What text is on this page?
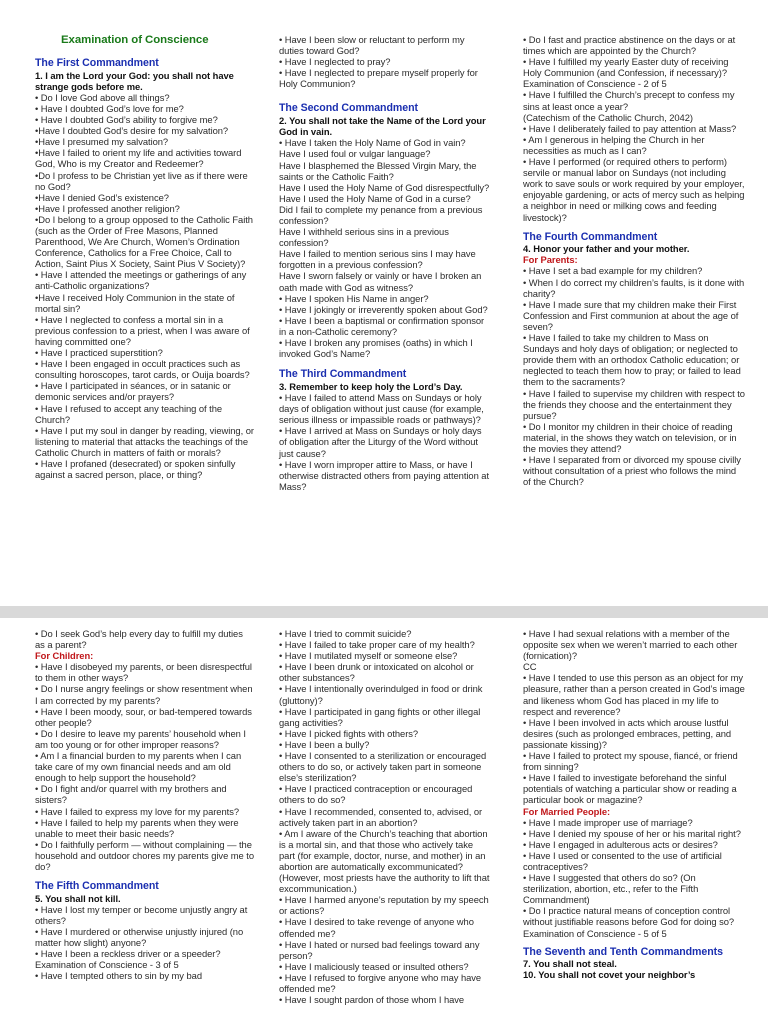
Examination of Conscience
The First Commandment
1. I am the Lord your God: you shall not have strange gods before me.
• Do I love God above all things?
• Have I doubted God’s love for me?
• Have I doubted God’s ability to forgive me?
•Have I doubted God’s desire for my salvation?
•Have I presumed my salvation?
•Have I failed to orient my life and activities toward God, Who is my Creator and Redeemer?
•Do I profess to be Christian yet live as if there were no God?
•Have I denied God’s existence?
•Have I professed another religion?
•Do I belong to a group opposed to the Catholic Faith (such as the Order of Free Masons, Planned Parenthood, We Are Church, Women’s Ordination Conference, Catholics for a Free Choice, Call to Action, Saint Pius X Society, Saint Pius V Society)?
• Have I attended the meetings or gatherings of any anti-Catholic organizations?
•Have I received Holy Communion in the state of mortal sin?
• Have I neglected to confess a mortal sin in a previous confession to a priest, when I was aware of having committed one?
• Have I practiced superstition?
• Have I been engaged in occult practices such as consulting horoscopes, tarot cards, or Ouija boards?
• Have I participated in séances, or in satanic or demonic services and/or prayers?
• Have I refused to accept any teaching of the Church?
• Have I put my soul in danger by reading, viewing, or listening to material that attacks the teachings of the Catholic Church in matters of faith or morals?
• Have I profaned (desecrated) or spoken sinfully against a sacred person, place, or thing?
• Have I been slow or reluctant to perform my duties toward God?
• Have I neglected to pray?
• Have I neglected to prepare myself properly for Holy Communion?
The Second Commandment
2. You shall not take the Name of the Lord your God in vain.
• Have I taken the Holy Name of God in vain?
Have I used foul or vulgar language?
Have I blasphemed the Blessed Virgin Mary, the saints or the Catholic Faith?
Have I used the Holy Name of God disrespectfully?
Have I used the Holy Name of God in a curse?
Did I fail to complete my penance from a previous confession?
Have I withheld serious sins in a previous confession?
Have I failed to mention serious sins I may have forgotten in a previous confession?
Have I sworn falsely or vainly or have I broken an oath made with God as witness?
• Have I spoken His Name in anger?
• Have I jokingly or irreverently spoken about God?
• Have I been a baptismal or confirmation sponsor in a non-Catholic ceremony?
• Have I broken any promises (oaths) in which I invoked God’s Name?
The Third Commandment
3. Remember to keep holy the Lord’s Day.
• Have I failed to attend Mass on Sundays or holy days of obligation without just cause (for example, serious illness or impassible roads or pathways)?
• Have I arrived at Mass on Sundays or holy days of obligation after the Liturgy of the Word without just cause?
• Have I worn improper attire to Mass, or have I otherwise distracted others from paying attention at Mass?
• Do I fast and practice abstinence on the days or at times which are appointed by the Church?
• Have I fulfilled my yearly Easter duty of receiving Holy Communion (and Confession, if necessary)? Examination of Conscience - 2 of 5
• Have I fulfilled the Church’s precept to confess my sins at least once a year?
(Catechism of the Catholic Church, 2042)
• Have I deliberately failed to pay attention at Mass?
• Am I generous in helping the Church in her necessities as much as I can?
• Have I performed (or required others to perform) servile or manual labor on Sundays (not including work to save souls or work required by your employer, enjoyable gardening, or acts of mercy such as helping a neighbor in need or milking cows and feeding livestock)?
The Fourth Commandment
4. Honor your father and your mother.
For Parents:
• Have I set a bad example for my children?
• When I do correct my children’s faults, is it done with charity?
• Have I made sure that my children make their First Confession and First communion at about the age of seven?
• Have I failed to take my children to Mass on Sundays and holy days of obligation; or neglected to provide them with an orthodox Catholic education; or neglected to teach them how to pray; or failed to lead them to the sacraments?
• Have I failed to supervise my children with respect to the friends they choose and the entertainment they pursue?
• Do I monitor my children in their choice of reading material, in the shows they watch on television, or in the movies they attend?
• Have I separated from or divorced my spouse civilly without consultation of a priest who follows the mind of the Church?
• Do I seek God’s help every day to fulfill my duties as a parent?
For Children:
• Have I disobeyed my parents, or been disrespectful to them in other ways?
• Do I nurse angry feelings or show resentment when I am corrected by my parents?
• Have I been moody, sour, or bad-tempered towards other people?
• Do I desire to leave my parents’ household when I am too young or for other improper reasons?
• Am I a financial burden to my parents when I can take care of my own financial needs and am old enough to help support the household?
• Do I fight and/or quarrel with my brothers and sisters?
• Have I failed to express my love for my parents?
• Have I failed to help my parents when they were unable to meet their basic needs?
• Do I faithfully perform — without complaining — the household and outdoor chores my parents give me to do?
The Fifth Commandment
5. You shall not kill.
• Have I lost my temper or become unjustly angry at others?
• Have I murdered or otherwise unjustly injured (no matter how slight) anyone?
• Have I been a reckless driver or a speeder?
Examination of Conscience - 3 of 5
• Have I tempted others to sin by my bad
• Have I tried to commit suicide?
• Have I failed to take proper care of my health?
• Have I mutilated myself or someone else?
• Have I been drunk or intoxicated on alcohol or other substances?
• Have I intentionally overindulged in food or drink (gluttony)?
• Have I participated in gang fights or other illegal gang activities?
• Have I picked fights with others?
• Have I been a bully?
• Have I consented to a sterilization or encouraged others to do so, or actively taken part in someone else’s sterilization?
• Have I practiced contraception or encouraged others to do so?
• Have I recommended, consented to, advised, or actively taken part in an abortion?
• Am I aware of the Church’s teaching that abortion is a mortal sin, and that those who actively take part (for example, doctor, nurse, and mother) in an abortion are automatically excommunicated? (However, most priests have the authority to lift that excommunication.)
• Have I harmed anyone’s reputation by my speech or actions?
• Have I desired to take revenge of anyone who offended me?
• Have I hated or nursed bad feelings toward any person?
• Have I maliciously teased or insulted others?
• Have I refused to forgive anyone who may have offended me?
• Have I sought pardon of those whom I have
• Have I had sexual relations with a member of the opposite sex when we weren’t married to each other (fornication)?
CC
• Have I tended to use this person as an object for my pleasure, rather than a person created in God’s image and likeness whom God has placed in my life to respect and reverence?
• Have I been involved in acts which arouse lustful desires (such as prolonged embraces, petting, and passionate kissing)?
• Have I failed to protect my spouse, fiancé, or friend from sinning?
• Have I failed to investigate beforehand the sinful potentials of watching a particular show or reading a particular book or magazine?
For Married People:
• Have I made improper use of marriage?
• Have I denied my spouse of her or his marital right?
• Have I engaged in adulterous acts or desires?
• Have I used or consented to the use of artificial contraceptives?
• Have I suggested that others do so? (On sterilization, abortion, etc., refer to the Fifth Commandment)
• Do I practice natural means of conception control without justifiable reasons before God for doing so? Examination of Conscience - 5 of 5
The Seventh and Tenth Commandments
7. You shall not steal.
10. You shall not covet your neighbor’s
